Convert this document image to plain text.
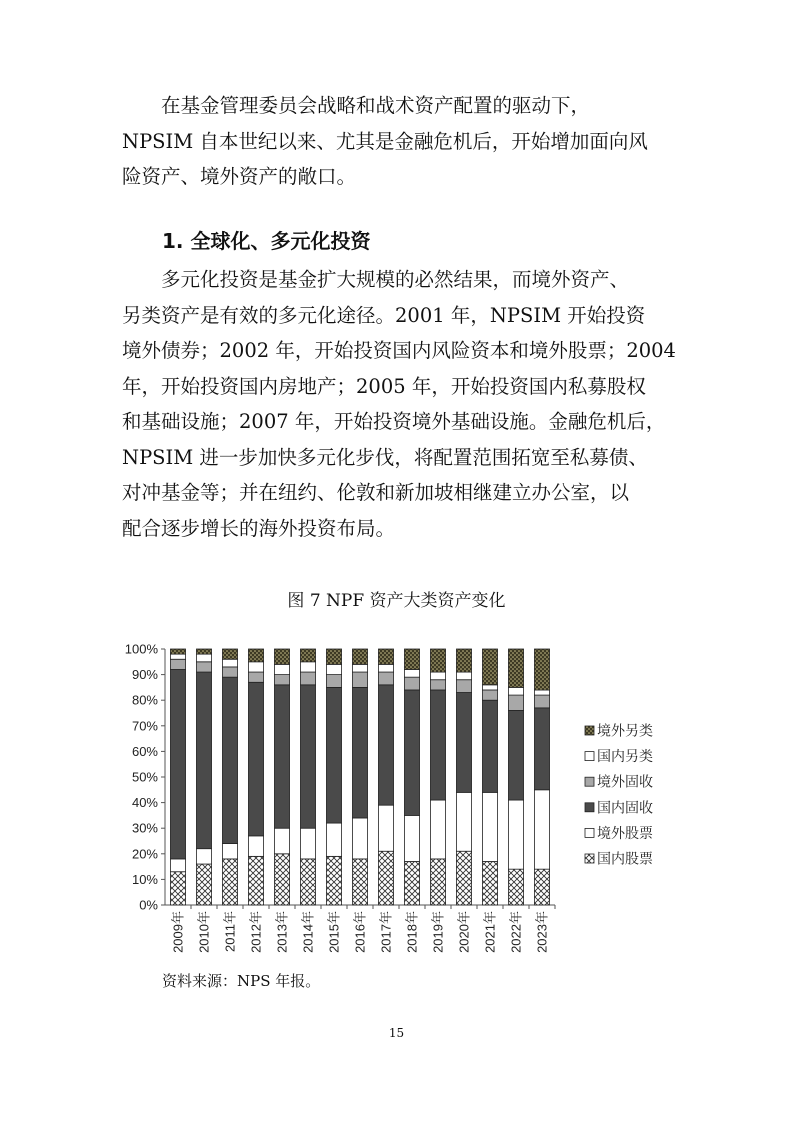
在基金管理委员会战略和战术资产配置的驱动下，
NPSIM 自本世纪以来、尤其是金融危机后，开始增加面向风
险资产、境外资产的敞口。
1. 全球化、多元化投资
多元化投资是基金扩大规模的必然结果，而境外资产、
另类资产是有效的多元化途径。2001 年，NPSIM 开始投资
境外债券；2002 年，开始投资国内风险资本和境外股票；2004
年，开始投资国内房地产；2005 年，开始投资国内私募股权
和基础设施；2007 年，开始投资境外基础设施。金融危机后，
NPSIM 进一步加快多元化步伐，将配置范围拓宽至私募债、
对冲基金等；并在纽约、伦敦和新加坡相继建立办公室，以
配合逐步增长的海外投资布局。

图 7 NPF 资产大类资产变化

0%
10%
20%
30%
40%
50%
60%
70%
80%
90%
100%
2009年 2010年 2011年 2012年 2013年 2014年 2015年 2016年 2017年 2018年 2019年 2020年 2021年 2022年 2023年
境外另类
国内另类
境外固收
国内固收
境外股票
国内股票

资料来源：NPS 年报。

15
